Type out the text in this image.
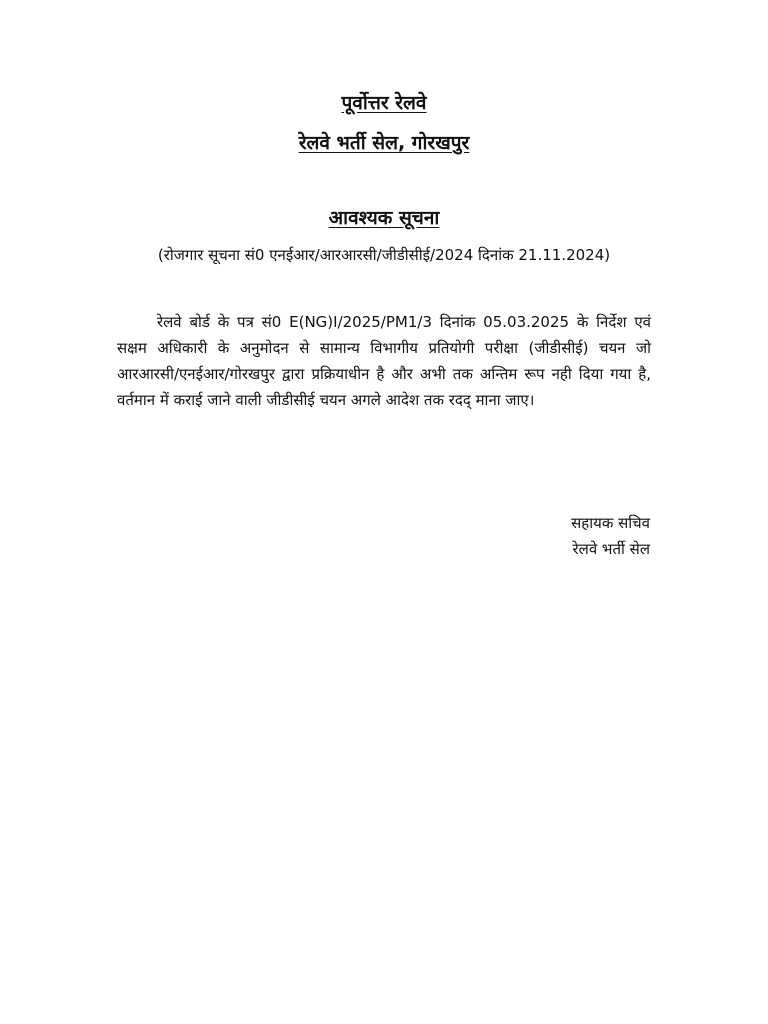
पूर्वोत्तर रेलवे
रेलवे भर्ती सेल, गोरखपुर
आवश्यक सूचना
(रोजगार सूचना सं0 एनईआर/आरआरसी/जीडीसीई/2024 दिनांक 21.11.2024)

रेलवे बोर्ड के पत्र सं0 E(NG)I/2025/PM1/3 दिनांक 05.03.2025 के निर्देश एवं सक्षम अधिकारी के अनुमोदन से सामान्य विभागीय प्रतियोगी परीक्षा (जीडीसीई) चयन जो आरआरसी/एनईआर/गोरखपुर द्वारा प्रक्रियाधीन है और अभी तक अन्तिम रूप नही दिया गया है, वर्तमान में कराई जाने वाली जीडीसीई चयन अगले आदेश तक रदद् माना जाए।

सहायक सचिव
रेलवे भर्ती सेल
